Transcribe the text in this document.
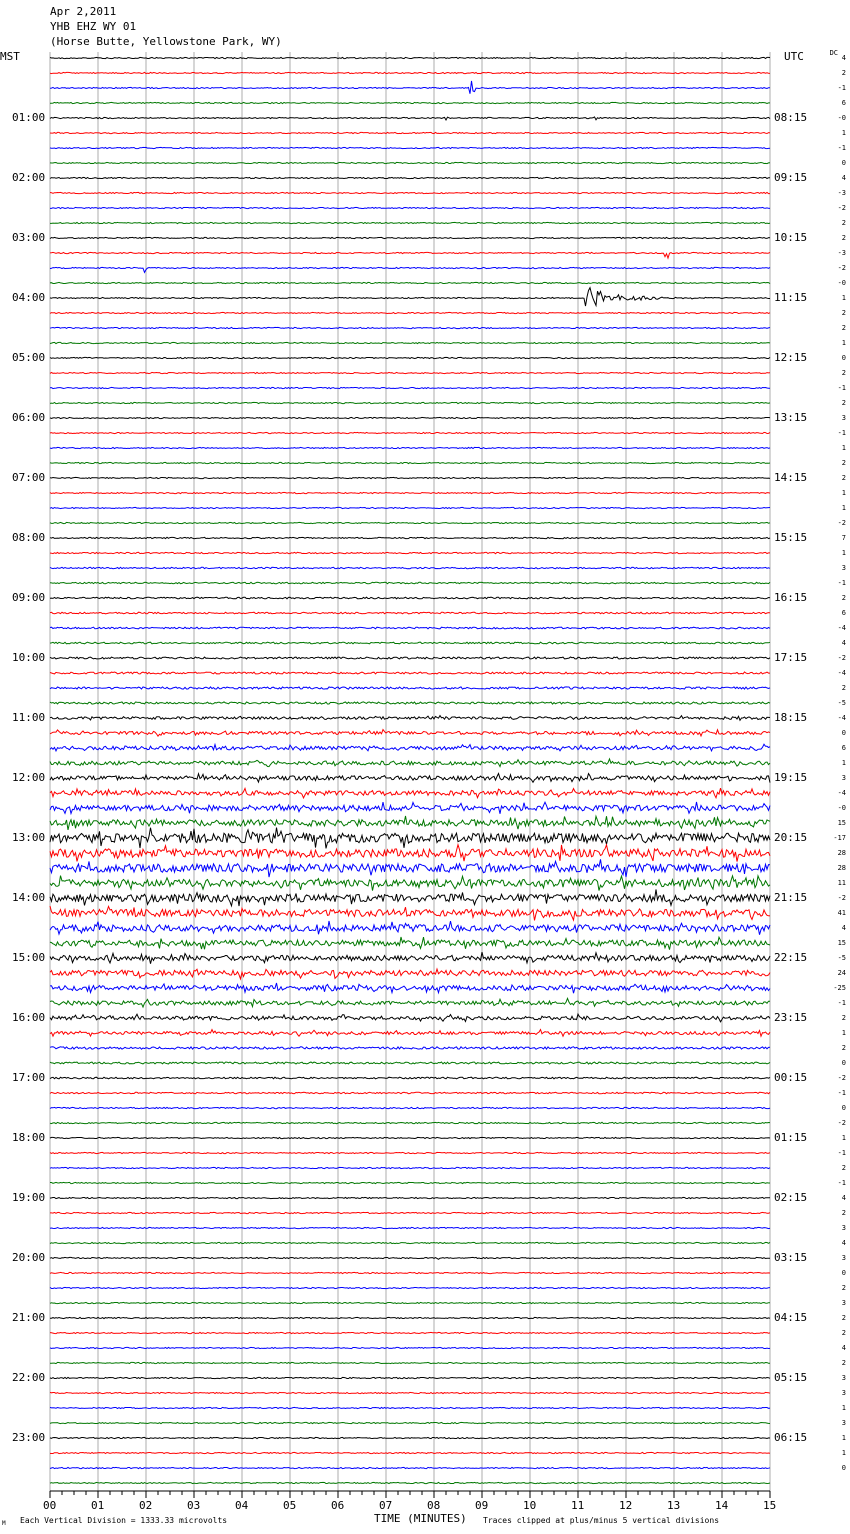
Apr 2,2011
YHB EHZ WY 01
(Horse Butte, Yellowstone Park, WY)
MST	UTC	DC
01:00
02:00
03:00
04:00
05:00
06:00
07:00
08:00
09:00
10:00
11:00
12:00
13:00
14:00
15:00
16:00
17:00
18:00
19:00
20:00
21:00
22:00
23:00
08:15
09:15
10:15
11:15
12:15
13:15
14:15
15:15
16:15
17:15
18:15
19:15
20:15
21:15
22:15
23:15
00:15
01:15
02:15
03:15
04:15
05:15
06:15
4
2
-1
6
-0
1
-1
0
4
-3
-2
2
2
-3
-2
-0
1
2
2
1
0
2
-1
2
3
-1
1
2
2
1
1
-2
7
1
3
-1
2
6
-4
4
-2
-4
2
-5
-4
0
6
1
3
-4
-0
15
-17
28
28
11
-2
41
4
15
-5
24
-25
-1
2
1
2
0
-2
-1
0
-2
1
-1
2
-1
4
2
3
4
3
0
2
3
2
2
4
2
3
3
1
3
1
1
0
00	01	02	03	04	05	06	07	08	09	10	11	12	13	14	15
TIME (MINUTES)
Each Vertical Division = 1333.33 microvolts	Traces clipped at plus/minus 5 vertical divisions
M
